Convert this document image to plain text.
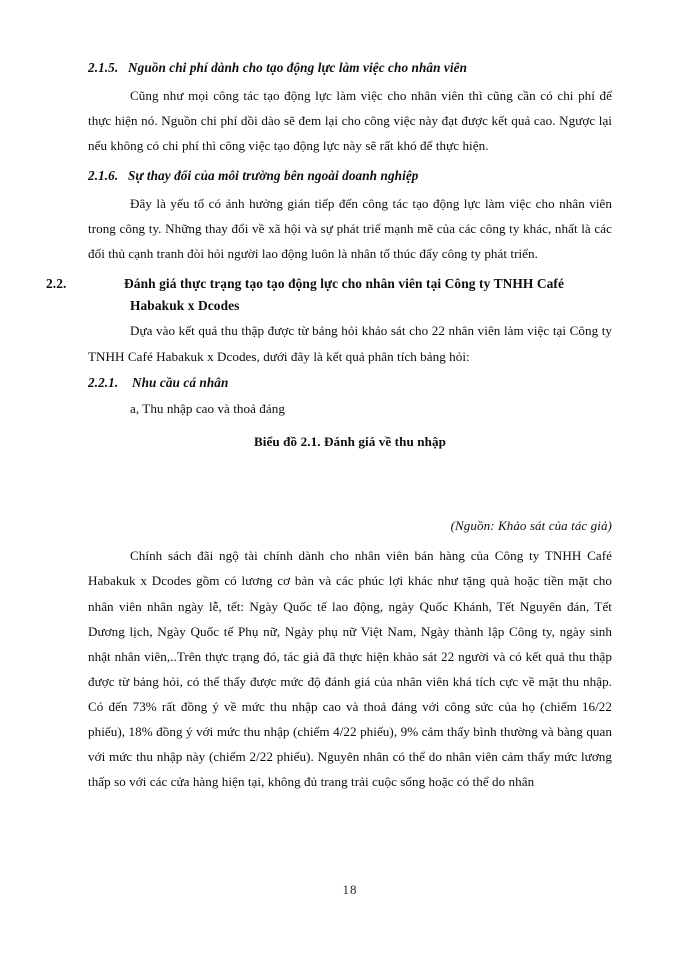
2.1.5. Nguồn chi phí dành cho tạo động lực làm việc cho nhân viên

Cũng như mọi công tác tạo động lực làm việc cho nhân viên thì cũng cần có chi phí để thực hiện nó. Nguồn chi phí dồi dào sẽ đem lại cho công việc này đạt được kết quả cao. Ngược lại nếu không có chi phí thì công việc tạo động lực này sẽ rất khó để thực hiện.

2.1.6. Sự thay đổi của môi trường bên ngoài doanh nghiệp

Đây là yếu tố có ảnh hưởng gián tiếp đến công tác tạo động lực làm việc cho nhân viên trong công ty. Những thay đổi về xã hội và sự phát triể mạnh mẽ của các công ty khác, nhất là các đối thủ cạnh tranh đòi hỏi người lao động luôn là nhân tố thúc đẩy công ty phát triển.

2.2.	Đánh giá thực trạng tạo tạo động lực cho nhân viên tại Công ty TNHH Café Habakuk x Dcodes

Dựa vào kết quả thu thập được từ bảng hỏi khảo sát cho 22 nhân viên làm việc tại Công ty TNHH Café Habakuk x Dcodes, dưới đây là kết quả phân tích bảng hỏi:

2.2.1. Nhu cầu cá nhân

a, Thu nhập cao và thoả đáng

Biểu đồ 2.1. Đánh giá về thu nhập

(Nguồn: Khảo sát của tác giả)

Chính sách đãi ngộ tài chính dành cho nhân viên bán hàng của Công ty TNHH Café Habakuk x Dcodes gồm có lương cơ bản và các phúc lợi khác như tặng quà hoặc tiền mặt cho nhân viên nhân ngày lễ, tết: Ngày Quốc tế lao động, ngày Quốc Khánh, Tết Nguyên đán, Tết Dương lịch, Ngày Quốc tế Phụ nữ, Ngày phụ nữ Việt Nam, Ngày thành lập Công ty, ngày sinh nhật nhân viên,..Trên thực trạng đó, tác giả đã thực hiện khảo sát 22 người và có kết quả thu thập được từ bảng hỏi, có thể thấy được mức độ đánh giá của nhân viên khá tích cực về mặt thu nhập. Có đến 73% rất đồng ý về mức thu nhập cao và thoả đáng với công sức của họ (chiếm 16/22 phiếu), 18% đồng ý với mức thu nhập (chiếm 4/22 phiếu), 9% cảm thấy bình thường và bàng quan với mức thu nhập này (chiếm 2/22 phiếu). Nguyên nhân có thể do nhân viên cảm thấy mức lương thấp so với các cửa hàng hiện tại, không đủ trang trải cuộc sống hoặc có thể do nhân

18
